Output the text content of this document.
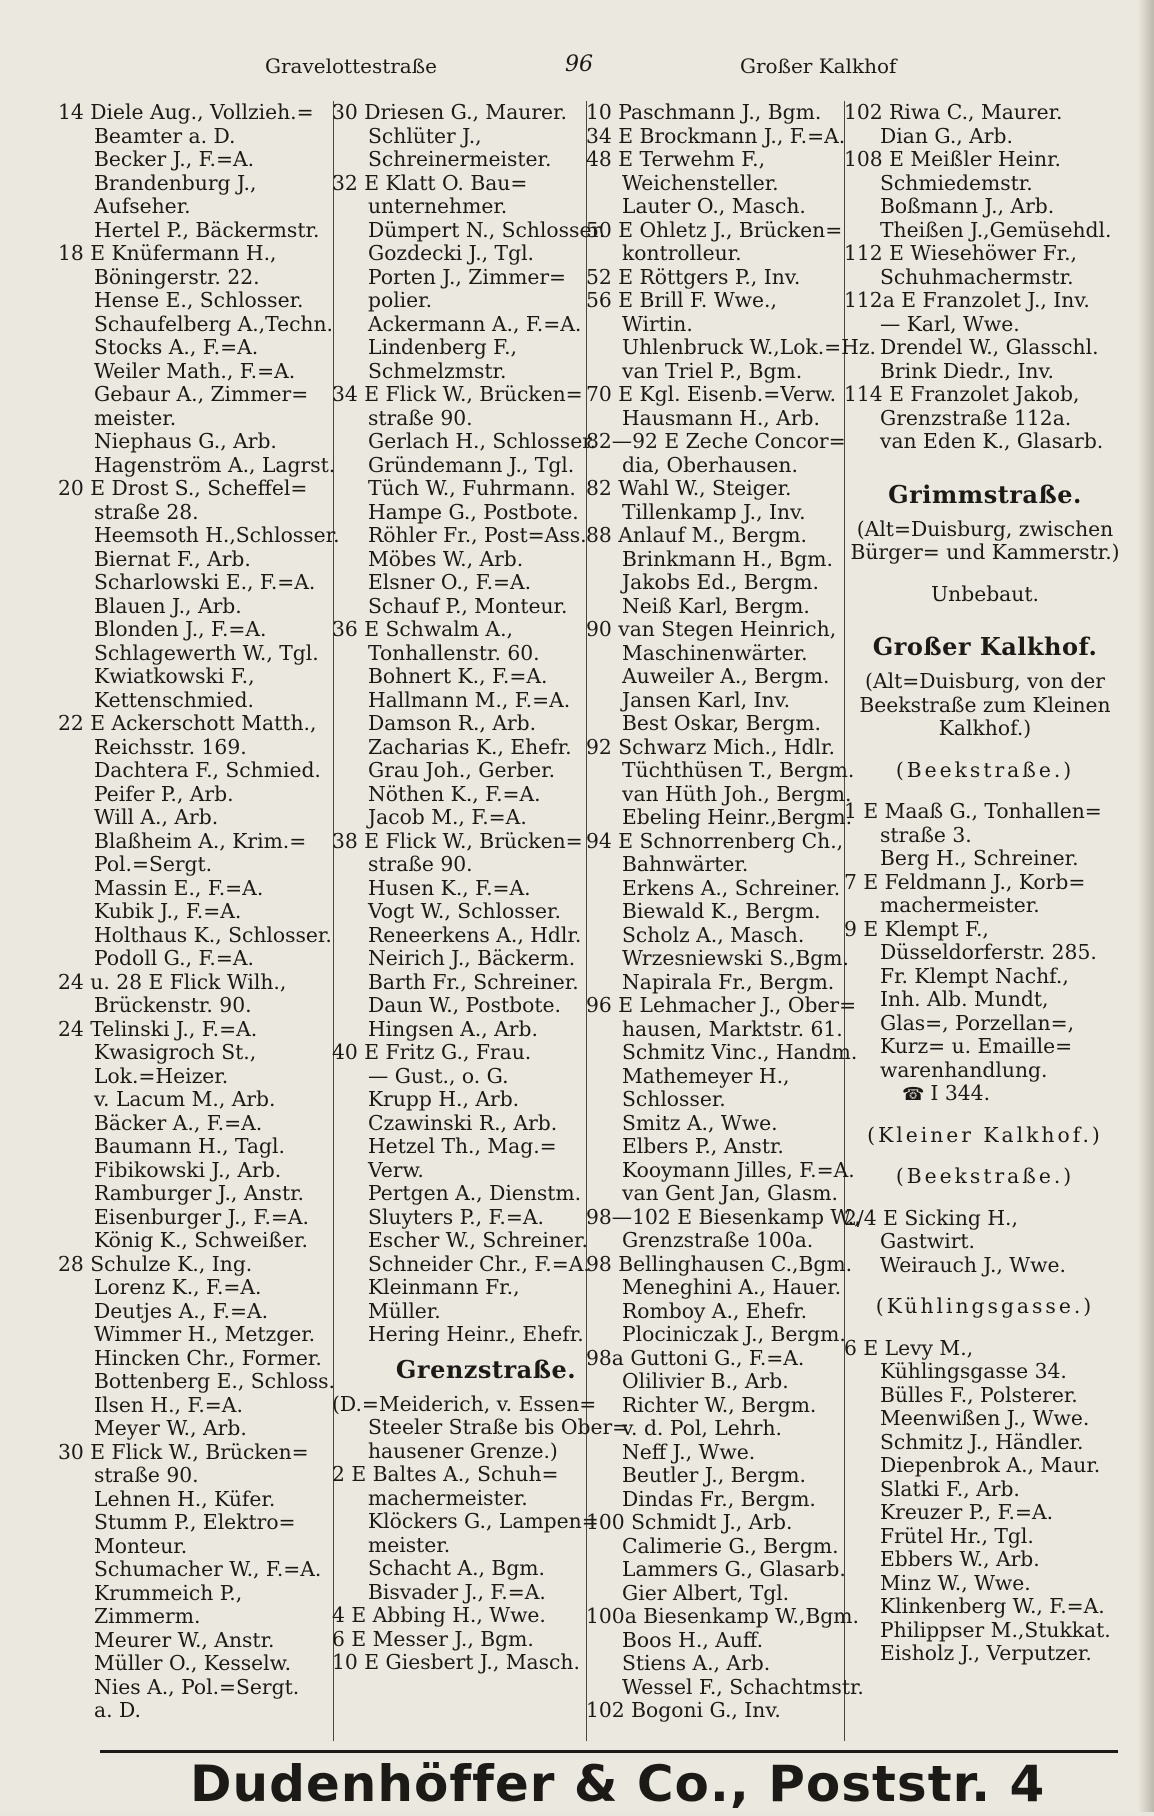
Gravelottestraße	96	Großer Kalkhof
14 Diele Aug., Vollzieh.=
Beamter a. D.
Becker J., F.=A.
Brandenburg J.,
Aufseher.
Hertel P., Bäckermstr.
18 E Knüfermann H.,
Böningerstr. 22.
Hense E., Schlosser.
Schaufelberg A.,Techn.
Stocks A., F.=A.
Weiler Math., F.=A.
Gebaur A., Zimmer=
meister.
Niephaus G., Arb.
Hagenström A., Lagrst.
20 E Drost S., Scheffel=
straße 28.
Heemsoth H.,Schlosser.
Biernat F., Arb.
Scharlowski E., F.=A.
Blauen J., Arb.
Blonden J., F.=A.
Schlagewerth W., Tgl.
Kwiatkowski F.,
Kettenschmied.
22 E Ackerschott Matth.,
Reichsstr. 169.
Dachtera F., Schmied.
Peifer P., Arb.
Will A., Arb.
Blaßheim A., Krim.=
Pol.=Sergt.
Massin E., F.=A.
Kubik J., F.=A.
Holthaus K., Schlosser.
Podoll G., F.=A.
24 u. 28 E Flick Wilh.,
Brückenstr. 90.
24 Telinski J., F.=A.
Kwasigroch St.,
Lok.=Heizer.
v. Lacum M., Arb.
Bäcker A., F.=A.
Baumann H., Tagl.
Fibikowski J., Arb.
Ramburger J., Anstr.
Eisenburger J., F.=A.
König K., Schweißer.
28 Schulze K., Ing.
Lorenz K., F.=A.
Deutjes A., F.=A.
Wimmer H., Metzger.
Hincken Chr., Former.
Bottenberg E., Schloss.
Ilsen H., F.=A.
Meyer W., Arb.
30 E Flick W., Brücken=
straße 90.
Lehnen H., Küfer.
Stumm P., Elektro=
Monteur.
Schumacher W., F.=A.
Krummeich P.,
Zimmerm.
Meurer W., Anstr.
Müller O., Kesselw.
Nies A., Pol.=Sergt.
a. D.
30 Driesen G., Maurer.
Schlüter J.,
Schreinermeister.
32 E Klatt O. Bau=
unternehmer.
Dümpert N., Schlosser.
Gozdecki J., Tgl.
Porten J., Zimmer=
polier.
Ackermann A., F.=A.
Lindenberg F.,
Schmelzmstr.
34 E Flick W., Brücken=
straße 90.
Gerlach H., Schlosser.
Gründemann J., Tgl.
Tüch W., Fuhrmann.
Hampe G., Postbote.
Röhler Fr., Post=Ass.
Möbes W., Arb.
Elsner O., F.=A.
Schauf P., Monteur.
36 E Schwalm A.,
Tonhallenstr. 60.
Bohnert K., F.=A.
Hallmann M., F.=A.
Damson R., Arb.
Zacharias K., Ehefr.
Grau Joh., Gerber.
Nöthen K., F.=A.
Jacob M., F.=A.
38 E Flick W., Brücken=
straße 90.
Husen K., F.=A.
Vogt W., Schlosser.
Reneerkens A., Hdlr.
Neirich J., Bäckerm.
Barth Fr., Schreiner.
Daun W., Postbote.
Hingsen A., Arb.
40 E Fritz G., Frau.
— Gust., o. G.
Krupp H., Arb.
Czawinski R., Arb.
Hetzel Th., Mag.=
Verw.
Pertgen A., Dienstm.
Sluyters P., F.=A.
Escher W., Schreiner.
Schneider Chr., F.=A.
Kleinmann Fr.,
Müller.
Hering Heinr., Ehefr.
Grenzstraße.
(D.=Meiderich, v. Essen=
Steeler Straße bis Ober=
hausener Grenze.)
2 E Baltes A., Schuh=
machermeister.
Klöckers G., Lampen=
meister.
Schacht A., Bgm.
Bisvader J., F.=A.
4 E Abbing H., Wwe.
6 E Messer J., Bgm.
10 E Giesbert J., Masch.
10 Paschmann J., Bgm.
34 E Brockmann J., F.=A.
48 E Terwehm F.,
Weichensteller.
Lauter O., Masch.
50 E Ohletz J., Brücken=
kontrolleur.
52 E Röttgers P., Inv.
56 E Brill F. Wwe.,
Wirtin.
Uhlenbruck W.,Lok.=Hz.
van Triel P., Bgm.
70 E Kgl. Eisenb.=Verw.
Hausmann H., Arb.
82—92 E Zeche Concor=
dia, Oberhausen.
82 Wahl W., Steiger.
Tillenkamp J., Inv.
88 Anlauf M., Bergm.
Brinkmann H., Bgm.
Jakobs Ed., Bergm.
Neiß Karl, Bergm.
90 van Stegen Heinrich,
Maschinenwärter.
Auweiler A., Bergm.
Jansen Karl, Inv.
Best Oskar, Bergm.
92 Schwarz Mich., Hdlr.
Tüchthüsen T., Bergm.
van Hüth Joh., Bergm.
Ebeling Heinr.,Bergm.
94 E Schnorrenberg Ch.,
Bahnwärter.
Erkens A., Schreiner.
Biewald K., Bergm.
Scholz A., Masch.
Wrzesniewski S.,Bgm.
Napirala Fr., Bergm.
96 E Lehmacher J., Ober=
hausen, Marktstr. 61.
Schmitz Vinc., Handm.
Mathemeyer H.,
Schlosser.
Smitz A., Wwe.
Elbers P., Anstr.
Kooymann Jilles, F.=A.
van Gent Jan, Glasm.
98—102 E Biesenkamp W.,
Grenzstraße 100a.
98 Bellinghausen C.,Bgm.
Meneghini A., Hauer.
Romboy A., Ehefr.
Plociniczak J., Bergm.
98a Guttoni G., F.=A.
Olilivier B., Arb.
Richter W., Bergm.
v. d. Pol, Lehrh.
Neff J., Wwe.
Beutler J., Bergm.
Dindas Fr., Bergm.
100 Schmidt J., Arb.
Calimerie G., Bergm.
Lammers G., Glasarb.
Gier Albert, Tgl.
100a Biesenkamp W.,Bgm.
Boos H., Auff.
Stiens A., Arb.
Wessel F., Schachtmstr.
102 Bogoni G., Inv.
102 Riwa C., Maurer.
Dian G., Arb.
108 E Meißler Heinr.
Schmiedemstr.
Boßmann J., Arb.
Theißen J.,Gemüsehdl.
112 E Wiesehöwer Fr.,
Schuhmachermstr.
112a E Franzolet J., Inv.
— Karl, Wwe.
Drendel W., Glasschl.
Brink Diedr., Inv.
114 E Franzolet Jakob,
Grenzstraße 112a.
van Eden K., Glasarb.
Grimmstraße.
(Alt=Duisburg, zwischen
Bürger= und Kammerstr.)
Unbebaut.
Großer Kalkhof.
(Alt=Duisburg, von der
Beekstraße zum Kleinen
Kalkhof.)
(Beekstraße.)
1 E Maaß G., Tonhallen=
straße 3.
Berg H., Schreiner.
7 E Feldmann J., Korb=
machermeister.
9 E Klempt F.,
Düsseldorferstr. 285.
Fr. Klempt Nachf.,
Inh. Alb. Mundt,
Glas=, Porzellan=,
Kurz= u. Emaille=
warenhandlung.
☎ I 344.
(Kleiner Kalkhof.)
(Beekstraße.)
2/4 E Sicking H.,
Gastwirt.
Weirauch J., Wwe.
(Kühlingsgasse.)
6 E Levy M.,
Kühlingsgasse 34.
Bülles F., Polsterer.
Meenwißen J., Wwe.
Schmitz J., Händler.
Diepenbrok A., Maur.
Slatki F., Arb.
Kreuzer P., F.=A.
Frütel Hr., Tgl.
Ebbers W., Arb.
Minz W., Wwe.
Klinkenberg W., F.=A.
Philippser M.,Stukkat.
Eisholz J., Verputzer.
Dudenhöffer & Co., Poststr. 4
